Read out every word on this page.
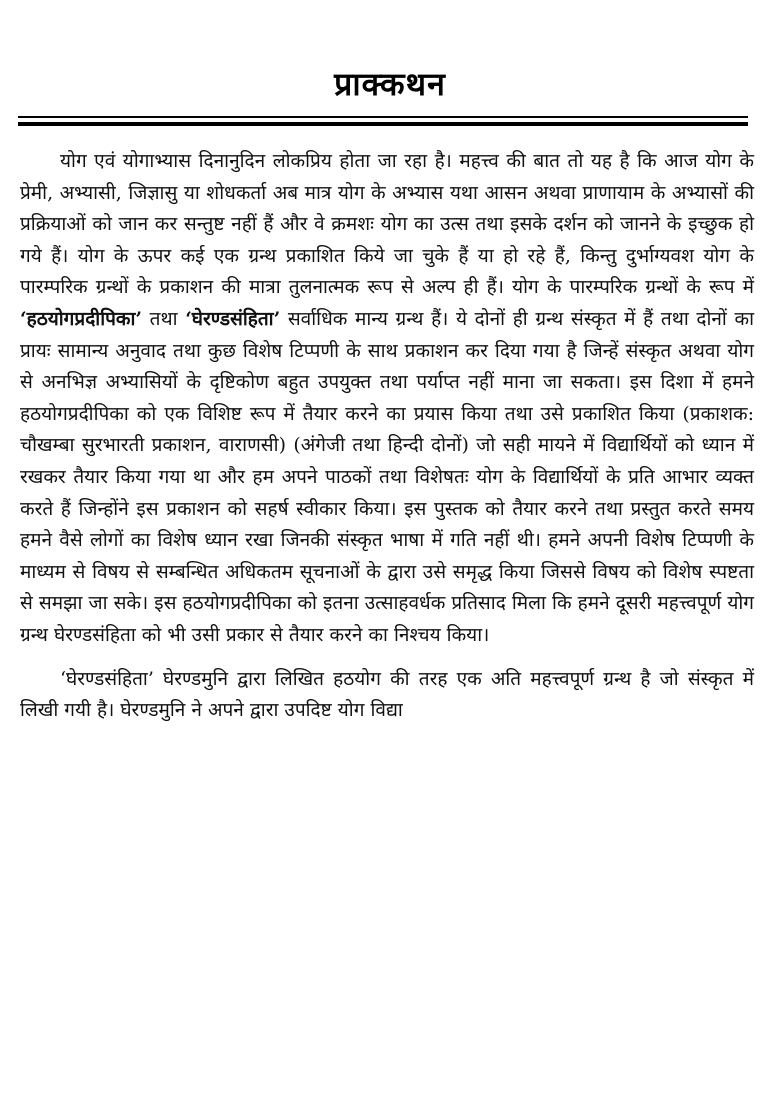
प्राक्कथन

योग एवं योगाभ्यास दिनानुदिन लोकप्रिय होता जा रहा है। महत्त्व की बात तो यह है कि आज योग के प्रेमी, अभ्यासी, जिज्ञासु या शोधकर्ता अब मात्र योग के अभ्यास यथा आसन अथवा प्राणायाम के अभ्यासों की प्रक्रियाओं को जान कर सन्तुष्ट नहीं हैं और वे क्रमशः योग का उत्स तथा इसके दर्शन को जानने के इच्छुक हो गये हैं। योग के ऊपर कई एक ग्रन्थ प्रकाशित किये जा चुके हैं या हो रहे हैं, किन्तु दुर्भाग्यवश योग के पारम्परिक ग्रन्थों के प्रकाशन की मात्रा तुलनात्मक रूप से अल्प ही हैं। योग के पारम्परिक ग्रन्थों के रूप में ‘हठयोगप्रदीपिका’ तथा ‘घेरण्डसंहिता’ सर्वाधिक मान्य ग्रन्थ हैं। ये दोनों ही ग्रन्थ संस्कृत में हैं तथा दोनों का प्रायः सामान्य अनुवाद तथा कुछ विशेष टिप्पणी के साथ प्रकाशन कर दिया गया है जिन्हें संस्कृत अथवा योग से अनभिज्ञ अभ्यासियों के दृष्टिकोण बहुत उपयुक्त तथा पर्याप्त नहीं माना जा सकता। इस दिशा में हमने हठयोगप्रदीपिका को एक विशिष्ट रूप में तैयार करने का प्रयास किया तथा उसे प्रकाशित किया (प्रकाशक: चौखम्बा सुरभारती प्रकाशन, वाराणसी) (अंगेजी तथा हिन्दी दोनों) जो सही मायने में विद्यार्थियों को ध्यान में रखकर तैयार किया गया था और हम अपने पाठकों तथा विशेषतः योग के विद्यार्थियों के प्रति आभार व्यक्त करते हैं जिन्होंने इस प्रकाशन को सहर्ष स्वीकार किया। इस पुस्तक को तैयार करने तथा प्रस्तुत करते समय हमने वैसे लोगों का विशेष ध्यान रखा जिनकी संस्कृत भाषा में गति नहीं थी। हमने अपनी विशेष टिप्पणी के माध्यम से विषय से सम्बन्धित अधिकतम सूचनाओं के द्वारा उसे समृद्ध किया जिससे विषय को विशेष स्पष्टता से समझा जा सके। इस हठयोगप्रदीपिका को इतना उत्साहवर्धक प्रतिसाद मिला कि हमने दूसरी महत्त्वपूर्ण योग ग्रन्थ घेरण्डसंहिता को भी उसी प्रकार से तैयार करने का निश्चय किया।

‘घेरण्डसंहिता’ घेरण्डमुनि द्वारा लिखित हठयोग की तरह एक अति महत्त्वपूर्ण ग्रन्थ है जो संस्कृत में लिखी गयी है। घेरण्डमुनि ने अपने द्वारा उपदिष्ट योग विद्या
